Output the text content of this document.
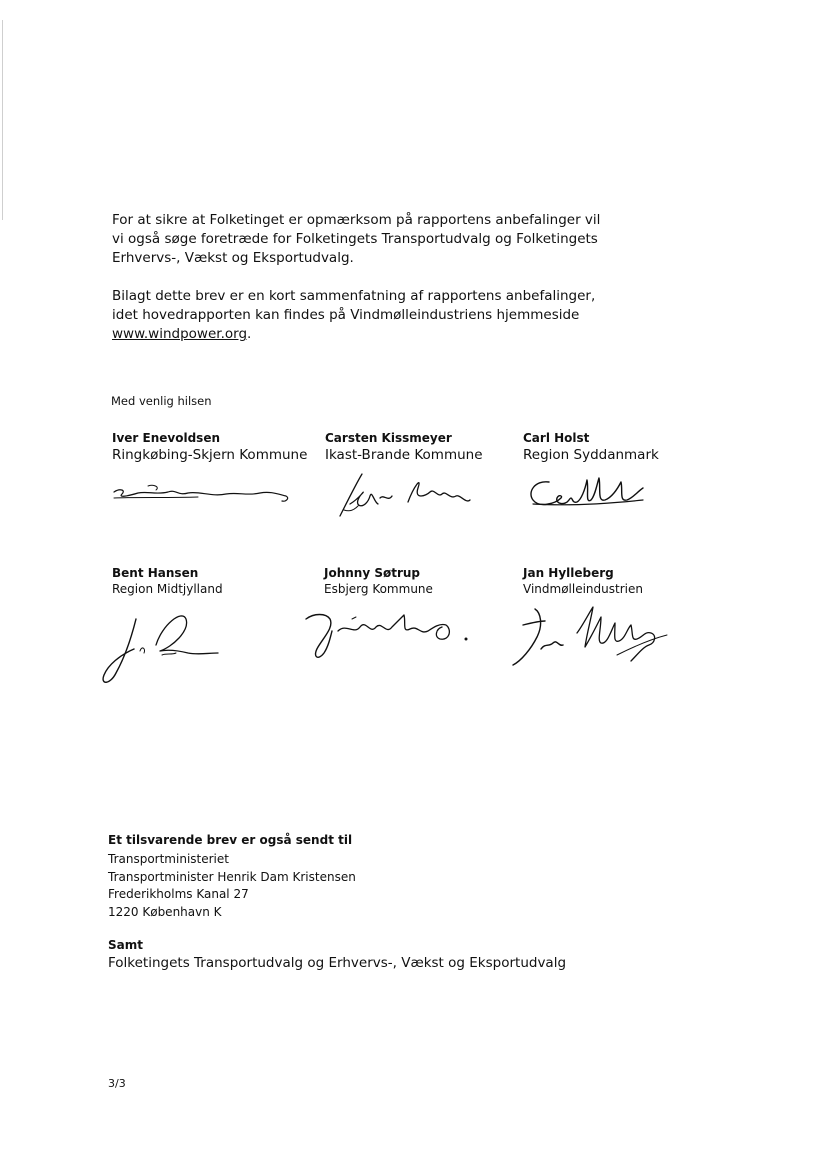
For at sikre at Folketinget er opmærksom på rapportens anbefalinger vil vi også søge foretræde for Folketingets Transportudvalg og Folketingets Erhvervs-, Vækst og Eksportudvalg.

Bilagt dette brev er en kort sammenfatning af rapportens anbefalinger, idet hovedrapporten kan findes på Vindmølleindustriens hjemmeside www.windpower.org.

Med venlig hilsen

Iver Enevoldsen
Ringkøbing-Skjern Kommune
Carsten Kissmeyer
Ikast-Brande Kommune
Carl Holst
Region Syddanmark
Bent Hansen
Region Midtjylland
Johnny Søtrup
Esbjerg Kommune
Jan Hylleberg
Vindmølleindustrien
Et tilsvarende brev er også sendt til
Transportministeriet
Transportminister Henrik Dam Kristensen
Frederikholms Kanal 27
1220 København K
Samt
Folketingets Transportudvalg og Erhvervs-, Vækst og Eksportudvalg
3/3
